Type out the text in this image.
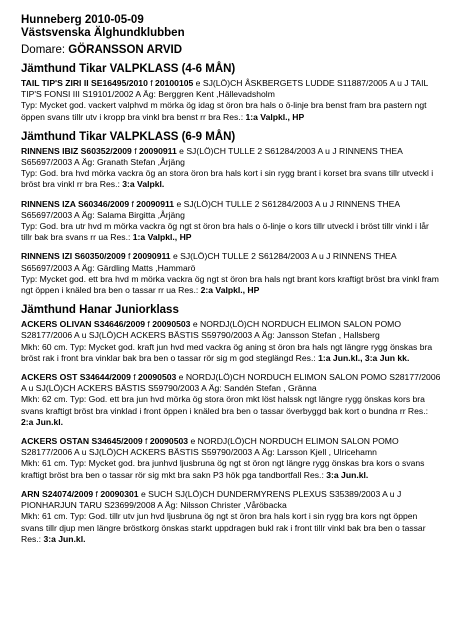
Hunneberg 2010-05-09
Västsvenska Älghundklubben
Domare: GÖRANSSON ARVID
Jämthund Tikar VALPKLASS (4-6 MÅN)
TAIL TIP'S ZIRI II SE16495/2010 f 20100105 e SJ(LÖ)CH ÅSKBERGETS LUDDE S11887/2005 A u J TAIL TIP'S FONSI III S19101/2002 A Äg: Berggren Kent ,Hällevadsholm
Typ: Mycket god. vackert valphvd m mörka ög idag st öron bra hals o ö-linje bra benst fram bra pastern ngt öppen svans tillr utv i kropp bra vinkl bra benst rr bra Res.: 1:a Valpkl., HP
Jämthund Tikar VALPKLASS (6-9 MÅN)
RINNENS IBIZ S60352/2009 f 20090911 e SJ(LÖ)CH TULLE 2 S61284/2003 A u J RINNENS THEA S65697/2003 A Äg: Granath Stefan ,Årjäng
Typ: God. bra hvd mörka vackra ög an stora öron bra hals kort i sin rygg brant i korset bra svans tillr utveckl i bröst bra vinkl rr bra Res.: 3:a Valpkl.
RINNENS IZA S60346/2009 f 20090911 e SJ(LÖ)CH TULLE 2 S61284/2003 A u J RINNENS THEA S65697/2003 A Äg: Salama Birgitta ,Årjäng
Typ: God. bra utr hvd m mörka vackra ög ngt st öron bra hals o ö-linje o kors tillr utveckl i bröst tillr vinkl i lår tillr bak bra svans rr ua Res.: 1:a Valpkl., HP
RINNENS IZI S60350/2009 f 20090911 e SJ(LÖ)CH TULLE 2 S61284/2003 A u J RINNENS THEA S65697/2003 A Äg: Gärdling Matts ,Hammarö
Typ: Mycket god. ett bra hvd m mörka vackra ög ngt st öron bra hals ngt brant kors kraftigt bröst bra vinkl fram ngt öppen i knäled bra ben o tassar rr ua Res.: 2:a Valpkl., HP
Jämthund Hanar Juniorklass
ACKERS OLIVAN S34646/2009 f 20090503 e NORDJ(LÖ)CH NORDUCH ELIMON SALON POMO S28177/2006 A u SJ(LÖ)CH ACKERS BÄSTIS S59790/2003 A Äg: Jansson Stefan , Hallsberg
Mkh: 60 cm. Typ: Mycket god. kraft jun hvd med vackra ög aning st öron bra hals ngt längre rygg önskas bra bröst rak i front bra vinklar bak bra ben o tassar rör sig m god steglängd Res.: 1:a Jun.kl., 3:a Jun kk.
ACKERS OST S34644/2009 f 20090503 e NORDJ(LÖ)CH NORDUCH ELIMON SALON POMO S28177/2006 A u SJ(LÖ)CH ACKERS BÄSTIS S59790/2003 A Äg: Sandén Stefan , Gränna
Mkh: 62 cm. Typ: God. ett bra jun hvd mörka ög stora öron mkt löst halssk ngt längre rygg önskas kors bra svans kraftigt bröst bra vinklad i front öppen i knäled bra ben o tassar överbyggd bak kort o bundna rr Res.: 2:a Jun.kl.
ACKERS OSTAN S34645/2009 f 20090503 e NORDJ(LÖ)CH NORDUCH ELIMON SALON POMO S28177/2006 A u SJ(LÖ)CH ACKERS BÄSTIS S59790/2003 A Äg: Larsson Kjell , Ulricehamn
Mkh: 61 cm. Typ: Mycket god. bra junhvd ljusbruna ög ngt st öron ngt längre rygg önskas bra kors o svans kraftigt bröst bra ben o tassar rör sig mkt bra sakn P3 hök pga tandbortfall Res.: 3:a Jun.kl.
ARN S24074/2009 f 20090301 e SUCH SJ(LÖ)CH DUNDERMYRENS PLEXUS S35389/2003 A u J PIONHARJUN TARU S23699/2008 A Äg: Nilsson Christer ,Våröbacka
Mkh: 61 cm. Typ: God. tillr utv jun hvd ljusbruna ög ngt st öron bra hals kort i sin rygg bra kors ngt öppen svans tillr djup men längre bröstkorg önskas starkt uppdragen bukl rak i front tillr vinkl bak bra ben o tassar Res.: 3:a Jun.kl.
